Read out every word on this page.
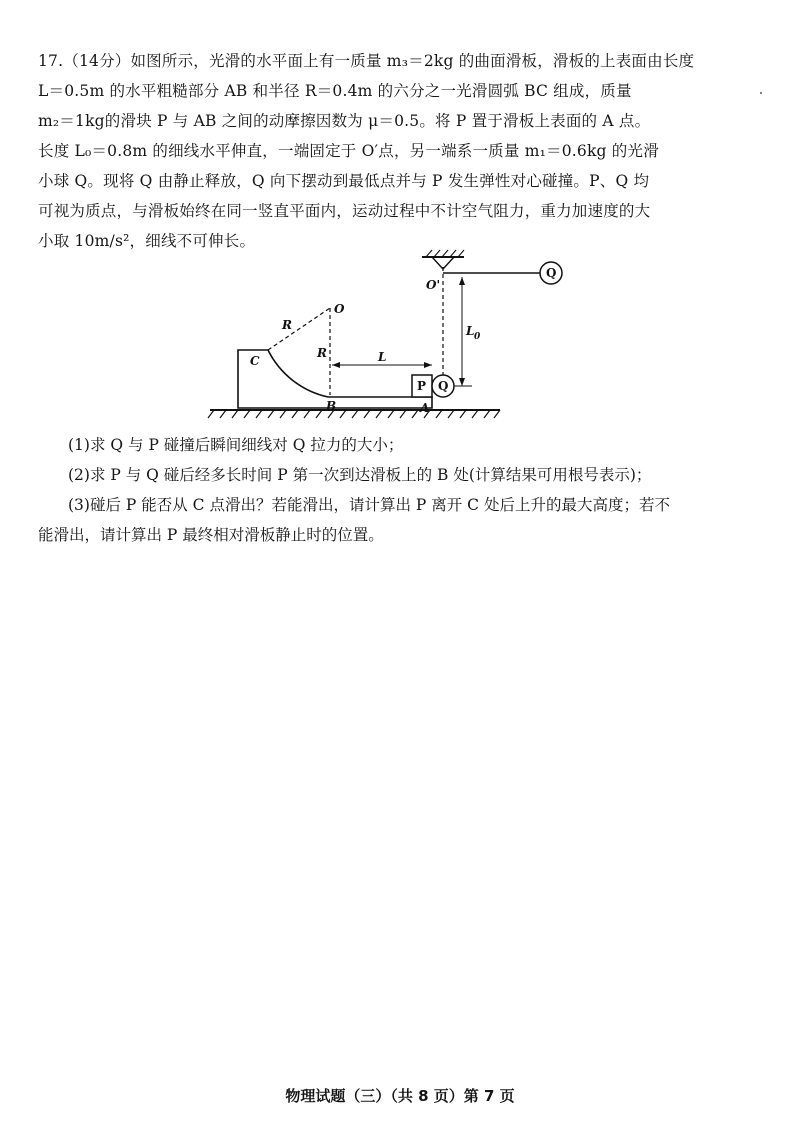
17.（14分）如图所示，光滑的水平面上有一质量 m₃＝2kg 的曲面滑板，滑板的上表面由长度
L＝0.5m 的水平粗糙部分 AB 和半径 R＝0.4m 的六分之一光滑圆弧 BC 组成，质量
m₂＝1kg的滑块 P 与 AB 之间的动摩擦因数为 μ＝0.5。将 P 置于滑板上表面的 A 点。
长度 L₀＝0.8m 的细线水平伸直，一端固定于 O′点，另一端系一质量 m₁＝0.6kg 的光滑
小球 Q。现将 Q 由静止释放，Q 向下摆动到最低点并与 P 发生弹性对心碰撞。P、Q 均
可视为质点，与滑板始终在同一竖直平面内，运动过程中不计空气阻力，重力加速度的大
小取 10m/s²，细线不可伸长。
O
R
R
C	L
B	A
P Q
Q
O'
L 0
(1)求 Q 与 P 碰撞后瞬间细线对 Q 拉力的大小；
(2)求 P 与 Q 碰后经多长时间 P 第一次到达滑板上的 B 处(计算结果可用根号表示)；
(3)碰后 P 能否从 C 点滑出？若能滑出，请计算出 P 离开 C 处后上升的最大高度；若不
能滑出，请计算出 P 最终相对滑板静止时的位置。
物理试题（三）（共 8 页）第 7 页
